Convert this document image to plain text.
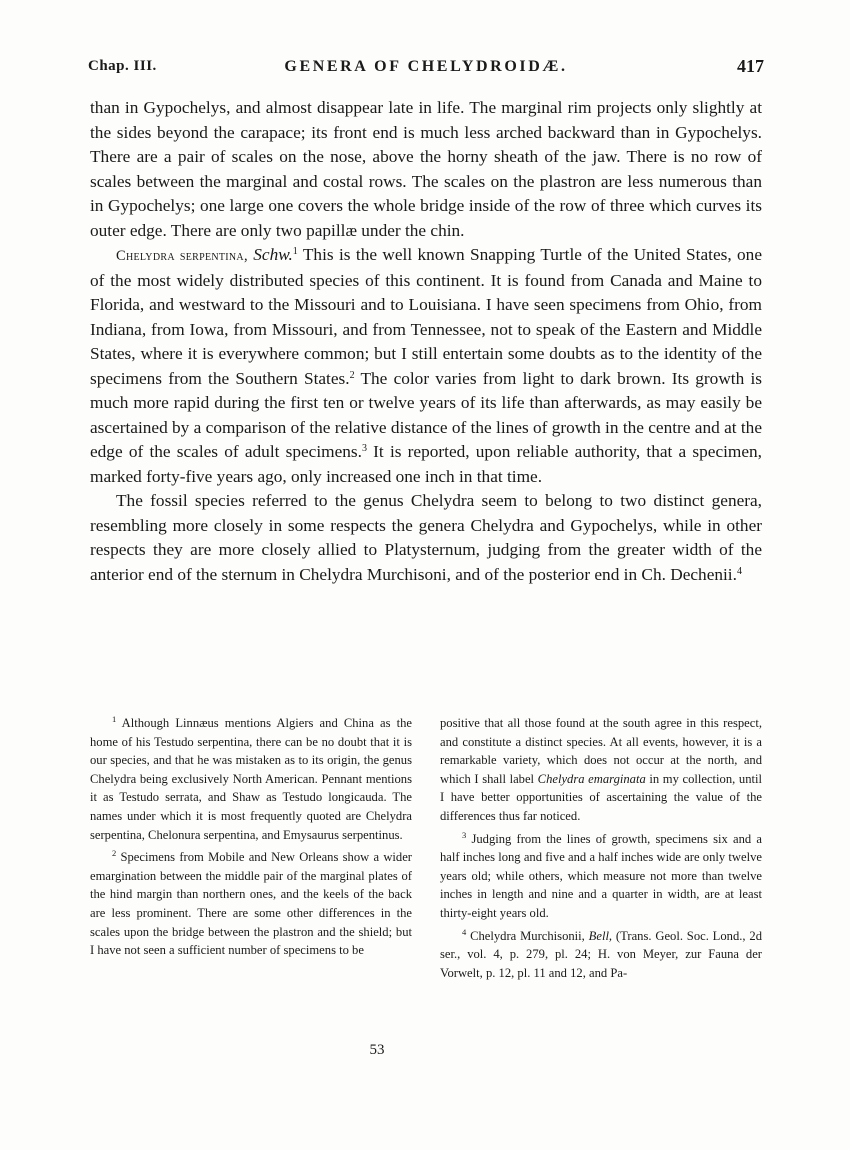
Chap. III.	GENERA OF CHELYDROIDÆ.	417

than in Gypochelys, and almost disappear late in life. The marginal rim projects only slightly at the sides beyond the carapace; its front end is much less arched backward than in Gypochelys. There are a pair of scales on the nose, above the horny sheath of the jaw. There is no row of scales between the marginal and costal rows. The scales on the plastron are less numerous than in Gypochelys; one large one covers the whole bridge inside of the row of three which curves its outer edge. There are only two papillæ under the chin.

Chelydra serpentina, Schw.$^1$ This is the well known Snapping Turtle of the United States, one of the most widely distributed species of this continent. It is found from Canada and Maine to Florida, and westward to the Missouri and to Louisiana. I have seen specimens from Ohio, from Indiana, from Iowa, from Missouri, and from Tennessee, not to speak of the Eastern and Middle States, where it is everywhere common; but I still entertain some doubts as to the identity of the specimens from the Southern States.$^2$ The color varies from light to dark brown. Its growth is much more rapid during the first ten or twelve years of its life than afterwards, as may easily be ascertained by a comparison of the relative distance of the lines of growth in the centre and at the edge of the scales of adult specimens.$^3$ It is reported, upon reliable authority, that a specimen, marked forty-five years ago, only increased one inch in that time.

The fossil species referred to the genus Chelydra seem to belong to two distinct genera, resembling more closely in some respects the genera Chelydra and Gypochelys, while in other respects they are more closely allied to Platysternum, judging from the greater width of the anterior end of the sternum in Chelydra Murchisoni, and of the posterior end in Ch. Dechenii.$^4$

$^1$ Although Linnæus mentions Algiers and China as the home of his Testudo serpentina, there can be no doubt that it is our species, and that he was mistaken as to its origin, the genus Chelydra being exclusively North American. Pennant mentions it as Testudo serrata, and Shaw as Testudo longicauda. The names under which it is most frequently quoted are Chelydra serpentina, Chelonura serpentina, and Emysaurus serpentinus.

$^2$ Specimens from Mobile and New Orleans show a wider emargination between the middle pair of the marginal plates of the hind margin than northern ones, and the keels of the back are less prominent. There are some other differences in the scales upon the bridge between the plastron and the shield; but I have not seen a sufficient number of specimens to be

positive that all those found at the south agree in this respect, and constitute a distinct species. At all events, however, it is a remarkable variety, which does not occur at the north, and which I shall label Chelydra emarginata in my collection, until I have better opportunities of ascertaining the value of the differences thus far noticed.

$^3$ Judging from the lines of growth, specimens six and a half inches long and five and a half inches wide are only twelve years old; while others, which measure not more than twelve inches in length and nine and a quarter in width, are at least thirty-eight years old.

$^4$ Chelydra Murchisonii, Bell, (Trans. Geol. Soc. Lond., 2d ser., vol. 4, p. 279, pl. 24; H. von Meyer, zur Fauna der Vorwelt, p. 12, pl. 11 and 12, and Pa-

53
